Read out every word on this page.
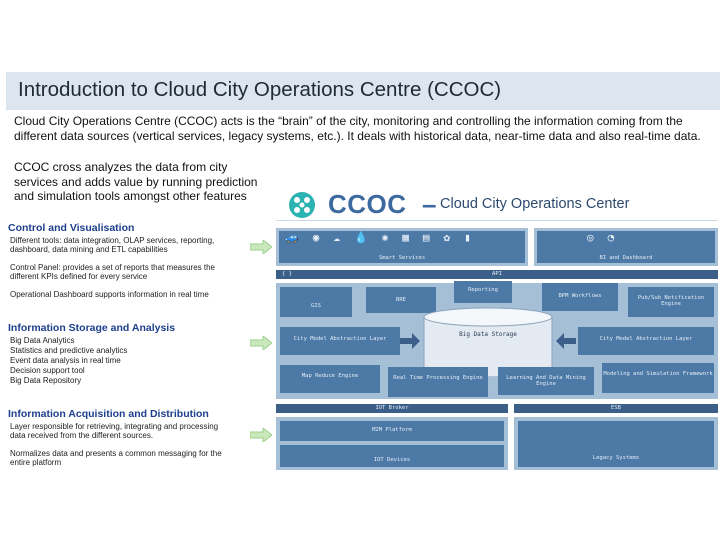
Introduction to Cloud City Operations Centre (CCOC)
Cloud City Operations Centre (CCOC) acts is the “brain” of the city, monitoring and controlling the information coming from the different data sources (vertical services, legacy systems, etc.). It deals with historical data, near-time data and also real-time data.
CCOC cross analyzes the data from city services and adds value by running prediction and simulation tools amongst other features
Control and Visualisation
Different tools: data integration, OLAP services, reporting, dashboard, data mining and ETL capabilities
Control Panel: provides a set of reports that measures the different KPIs defined for every service
Operational Dashboard supports information in real time
Information Storage and Analysis
Big Data Analytics
Statistics and predictive analytics
Event data analysis in real time
Decision support tool
Big Data Repository
Information Acquisition and Distribution
Layer responsible for retrieving, integrating and processing data received from the different sources.
Normalizes data and presents a common messaging for the entire platform
CCOC – Cloud City Operations Center
🚙 ◉ ☁ 💧 ✺ ▦ ▤ ✿ ▮
Smart Services
◎ ◔
BI and Dashboard
{ }	API
GIS
BRE
Reporting
BPM Workflows	Pub/Sub Notification Engine
City Model Abstraction Layer
Big Data Storage
City Model Abstraction Layer
Map Reduce Engine	Real Time Processing Engine	Learning And Data Mining Engine
Modeling and Simulation Framework
IOT Broker	ESB
M2M Platform
IOT Devices	Legacy Systems
